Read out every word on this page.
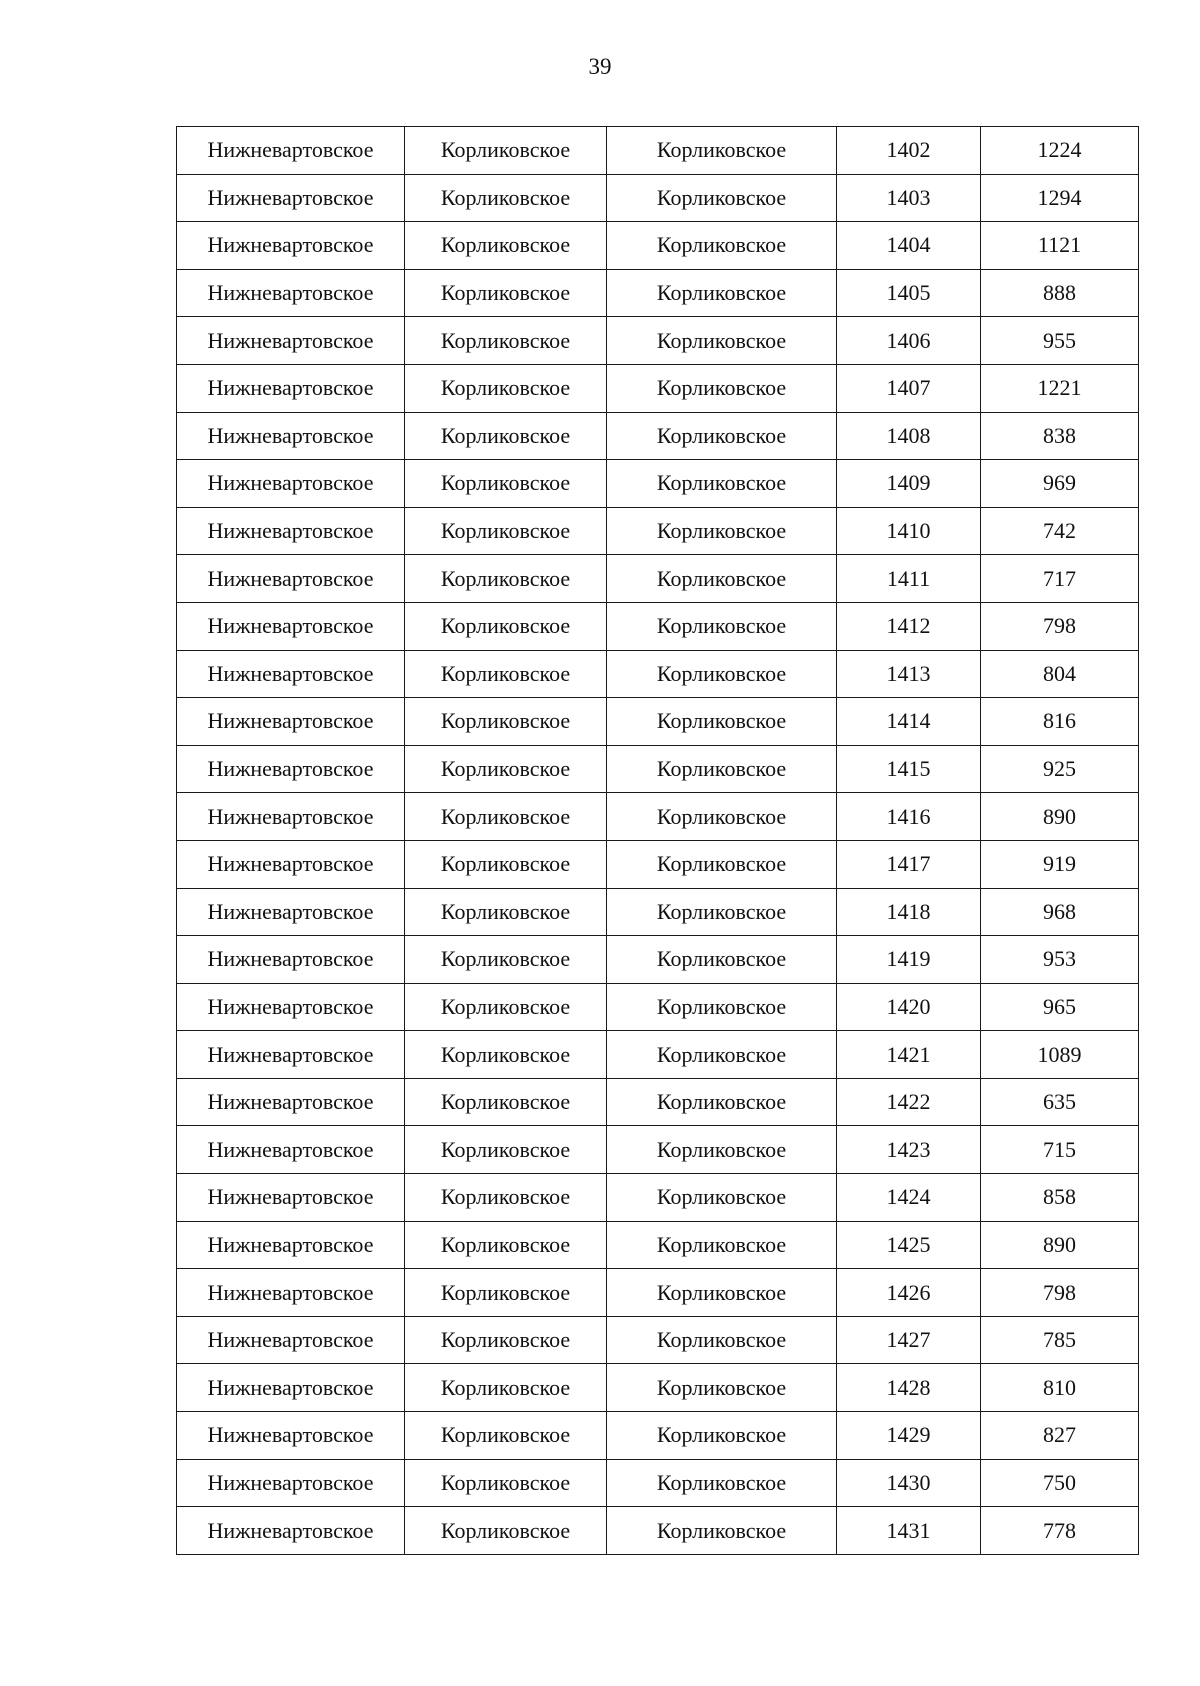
39
Нижневартовское	Корликовское	Корликовское	1402	1224
Нижневартовское	Корликовское	Корликовское	1403	1294
Нижневартовское	Корликовское	Корликовское	1404	1121
Нижневартовское	Корликовское	Корликовское	1405	888
Нижневартовское	Корликовское	Корликовское	1406	955
Нижневартовское	Корликовское	Корликовское	1407	1221
Нижневартовское	Корликовское	Корликовское	1408	838
Нижневартовское	Корликовское	Корликовское	1409	969
Нижневартовское	Корликовское	Корликовское	1410	742
Нижневартовское	Корликовское	Корликовское	1411	717
Нижневартовское	Корликовское	Корликовское	1412	798
Нижневартовское	Корликовское	Корликовское	1413	804
Нижневартовское	Корликовское	Корликовское	1414	816
Нижневартовское	Корликовское	Корликовское	1415	925
Нижневартовское	Корликовское	Корликовское	1416	890
Нижневартовское	Корликовское	Корликовское	1417	919
Нижневартовское	Корликовское	Корликовское	1418	968
Нижневартовское	Корликовское	Корликовское	1419	953
Нижневартовское	Корликовское	Корликовское	1420	965
Нижневартовское	Корликовское	Корликовское	1421	1089
Нижневартовское	Корликовское	Корликовское	1422	635
Нижневартовское	Корликовское	Корликовское	1423	715
Нижневартовское	Корликовское	Корликовское	1424	858
Нижневартовское	Корликовское	Корликовское	1425	890
Нижневартовское	Корликовское	Корликовское	1426	798
Нижневартовское	Корликовское	Корликовское	1427	785
Нижневартовское	Корликовское	Корликовское	1428	810
Нижневартовское	Корликовское	Корликовское	1429	827
Нижневартовское	Корликовское	Корликовское	1430	750
Нижневартовское	Корликовское	Корликовское	1431	778
